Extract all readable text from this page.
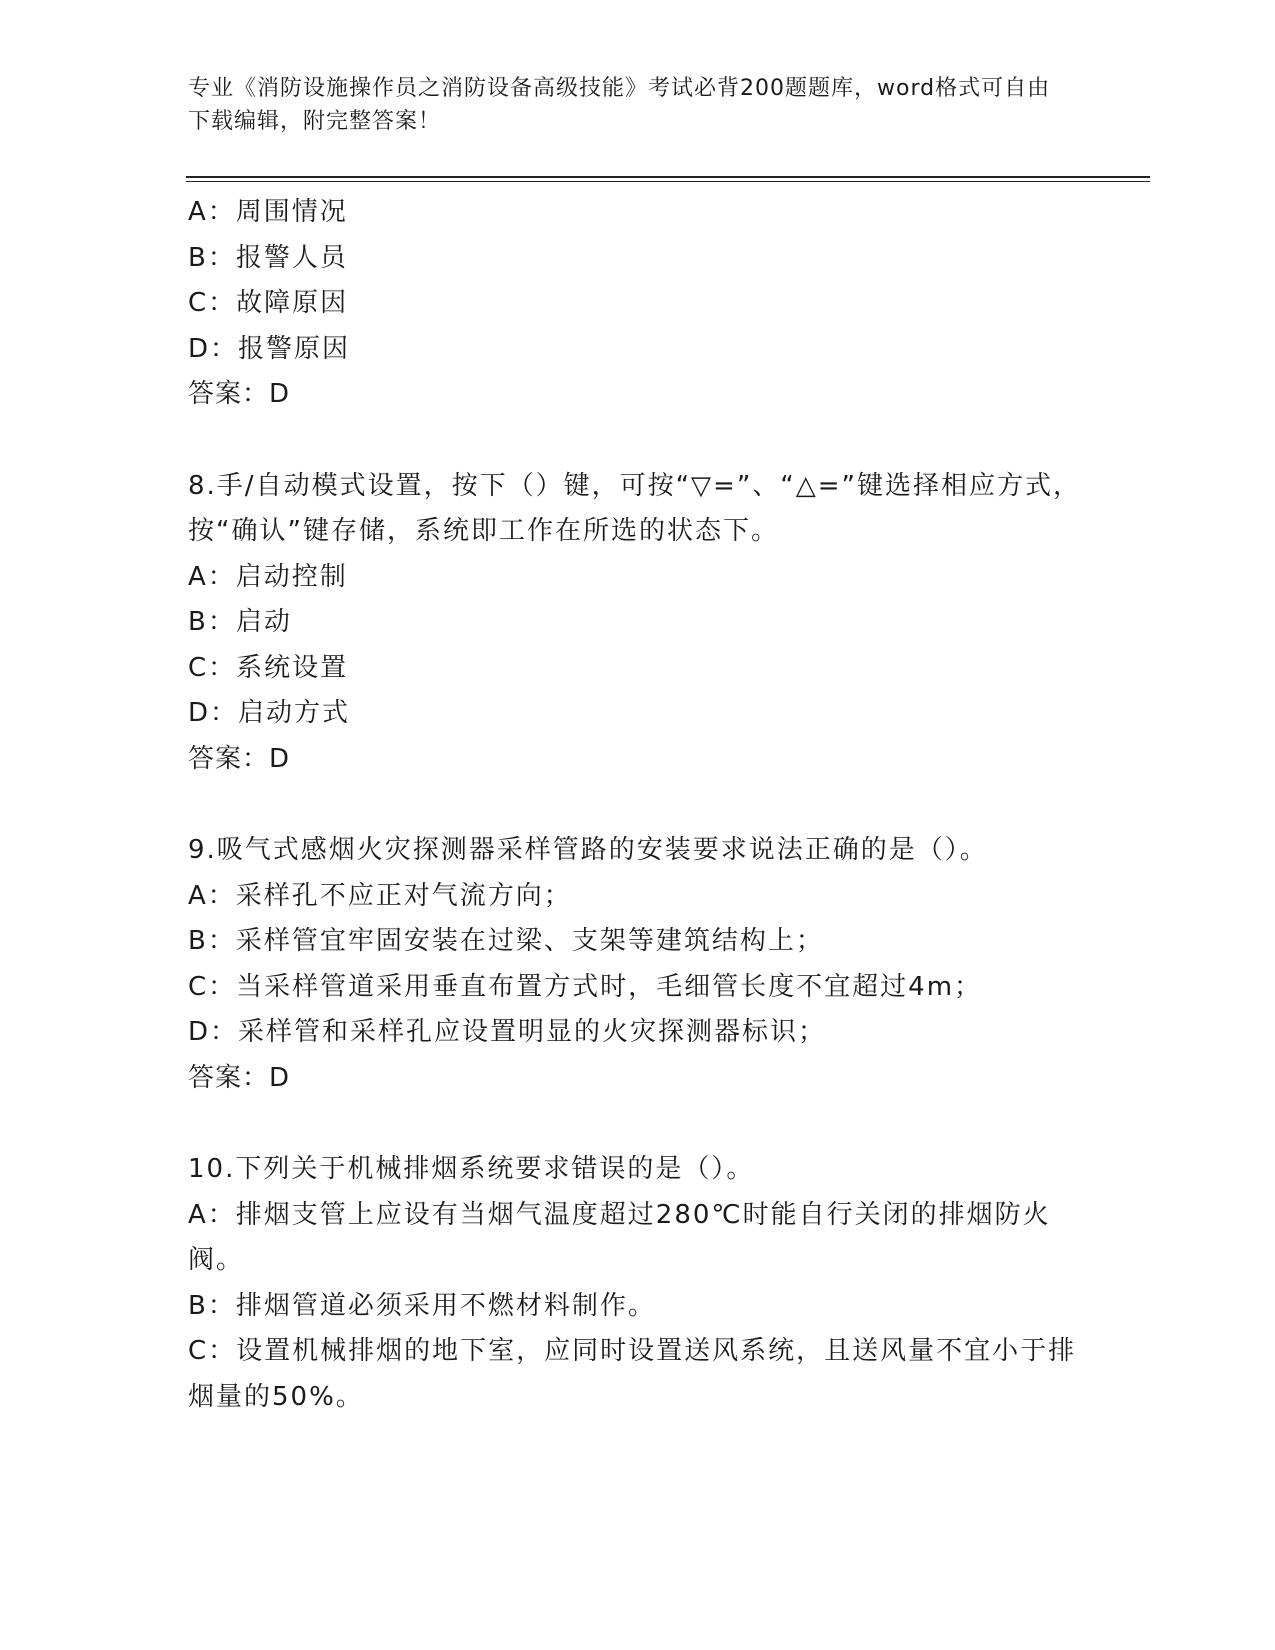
专业《消防设施操作员之消防设备高级技能》考试必背200题题库，word格式可自由下载编辑，附完整答案！
A：周围情况
B：报警人员
C：故障原因
D：报警原因
答案：D
8.手/自动模式设置，按下（）键，可按“▽=”、“△=”键选择相应方式，按“确认”键存储，系统即工作在所选的状态下。
A：启动控制
B：启动
C：系统设置
D：启动方式
答案：D
9.吸气式感烟火灾探测器采样管路的安装要求说法正确的是（）。
A：采样孔不应正对气流方向；
B：采样管宜牢固安装在过梁、支架等建筑结构上；
C：当采样管道采用垂直布置方式时，毛细管长度不宜超过4m；
D：采样管和采样孔应设置明显的火灾探测器标识；
答案：D
10.下列关于机械排烟系统要求错误的是（）。
A：排烟支管上应设有当烟气温度超过280℃时能自行关闭的排烟防火阀。
B：排烟管道必须采用不燃材料制作。
C：设置机械排烟的地下室，应同时设置送风系统，且送风量不宜小于排烟量的50%。
